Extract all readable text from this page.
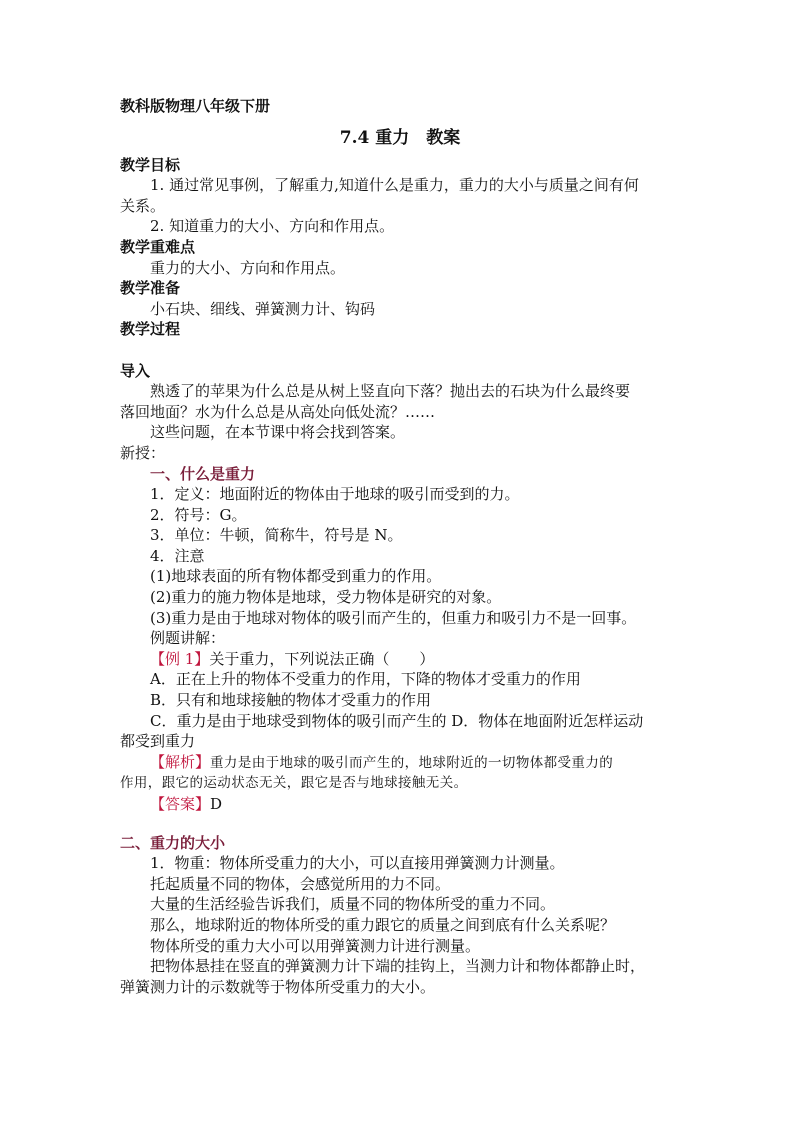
教科版物理八年级下册
7.4 重力　教案
教学目标
1. 通过常见事例，了解重力,知道什么是重力，重力的大小与质量之间有何
关系。
2. 知道重力的大小、方向和作用点。
教学重难点
重力的大小、方向和作用点。
教学准备
小石块、细线、弹簧测力计、钩码
教学过程
导入
熟透了的苹果为什么总是从树上竖直向下落？抛出去的石块为什么最终要
落回地面？水为什么总是从高处向低处流？……
这些问题，在本节课中将会找到答案。
新授：
一、什么是重力
1．定义：地面附近的物体由于地球的吸引而受到的力。
2．符号：G。
3．单位：牛顿，简称牛，符号是 N。
4．注意
(1)地球表面的所有物体都受到重力的作用。
(2)重力的施力物体是地球，受力物体是研究的对象。
(3)重力是由于地球对物体的吸引而产生的，但重力和吸引力不是一回事。
例题讲解：
【例 1】关于重力，下列说法正确（　　）
A．正在上升的物体不受重力的作用，下降的物体才受重力的作用
B．只有和地球接触的物体才受重力的作用
C．重力是由于地球受到物体的吸引而产生的 D．物体在地面附近怎样运动
都受到重力
【解析】重力是由于地球的吸引而产生的，地球附近的一切物体都受重力的
作用，跟它的运动状态无关，跟它是否与地球接触无关。
【答案】D
二、重力的大小
1．物重：物体所受重力的大小，可以直接用弹簧测力计测量。
托起质量不同的物体，会感觉所用的力不同。
大量的生活经验告诉我们，质量不同的物体所受的重力不同。
那么，地球附近的物体所受的重力跟它的质量之间到底有什么关系呢？
物体所受的重力大小可以用弹簧测力计进行测量。
把物体悬挂在竖直的弹簧测力计下端的挂钩上，当测力计和物体都静止时，
弹簧测力计的示数就等于物体所受重力的大小。
